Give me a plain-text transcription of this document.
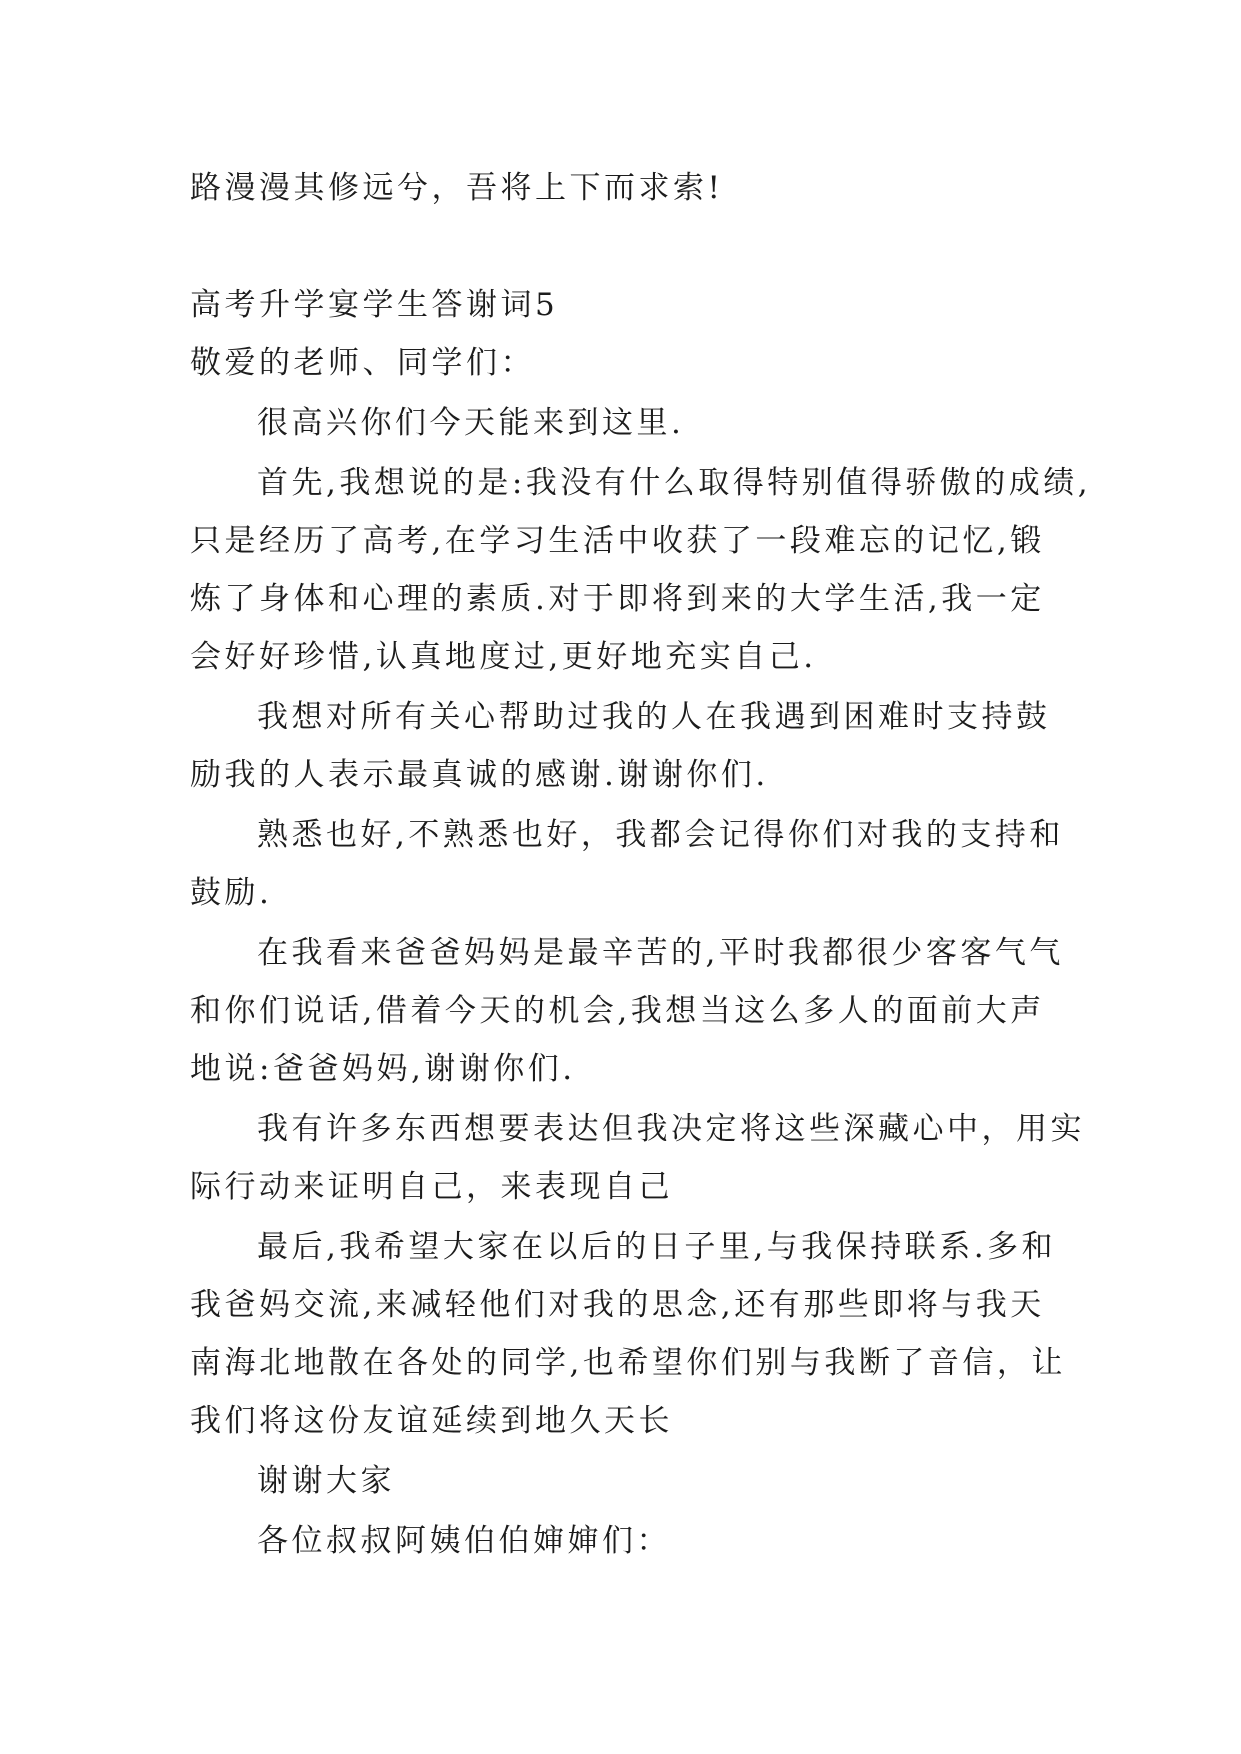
路漫漫其修远兮，吾将上下而求索!
高考升学宴学生答谢词5
敬爱的老师、同学们：
很高兴你们今天能来到这里.
首先,我想说的是:我没有什么取得特别值得骄傲的成绩,
只是经历了高考,在学习生活中收获了一段难忘的记忆,锻
炼了身体和心理的素质.对于即将到来的大学生活,我一定
会好好珍惜,认真地度过,更好地充实自己.
我想对所有关心帮助过我的人在我遇到困难时支持鼓
励我的人表示最真诚的感谢.谢谢你们.
熟悉也好,不熟悉也好，我都会记得你们对我的支持和
鼓励.
在我看来爸爸妈妈是最辛苦的,平时我都很少客客气气
和你们说话,借着今天的机会,我想当这么多人的面前大声
地说:爸爸妈妈,谢谢你们.
我有许多东西想要表达但我决定将这些深藏心中，用实
际行动来证明自己，来表现自己
最后,我希望大家在以后的日子里,与我保持联系.多和
我爸妈交流,来减轻他们对我的思念,还有那些即将与我天
南海北地散在各处的同学,也希望你们别与我断了音信，让
我们将这份友谊延续到地久天长
谢谢大家
各位叔叔阿姨伯伯婶婶们：
